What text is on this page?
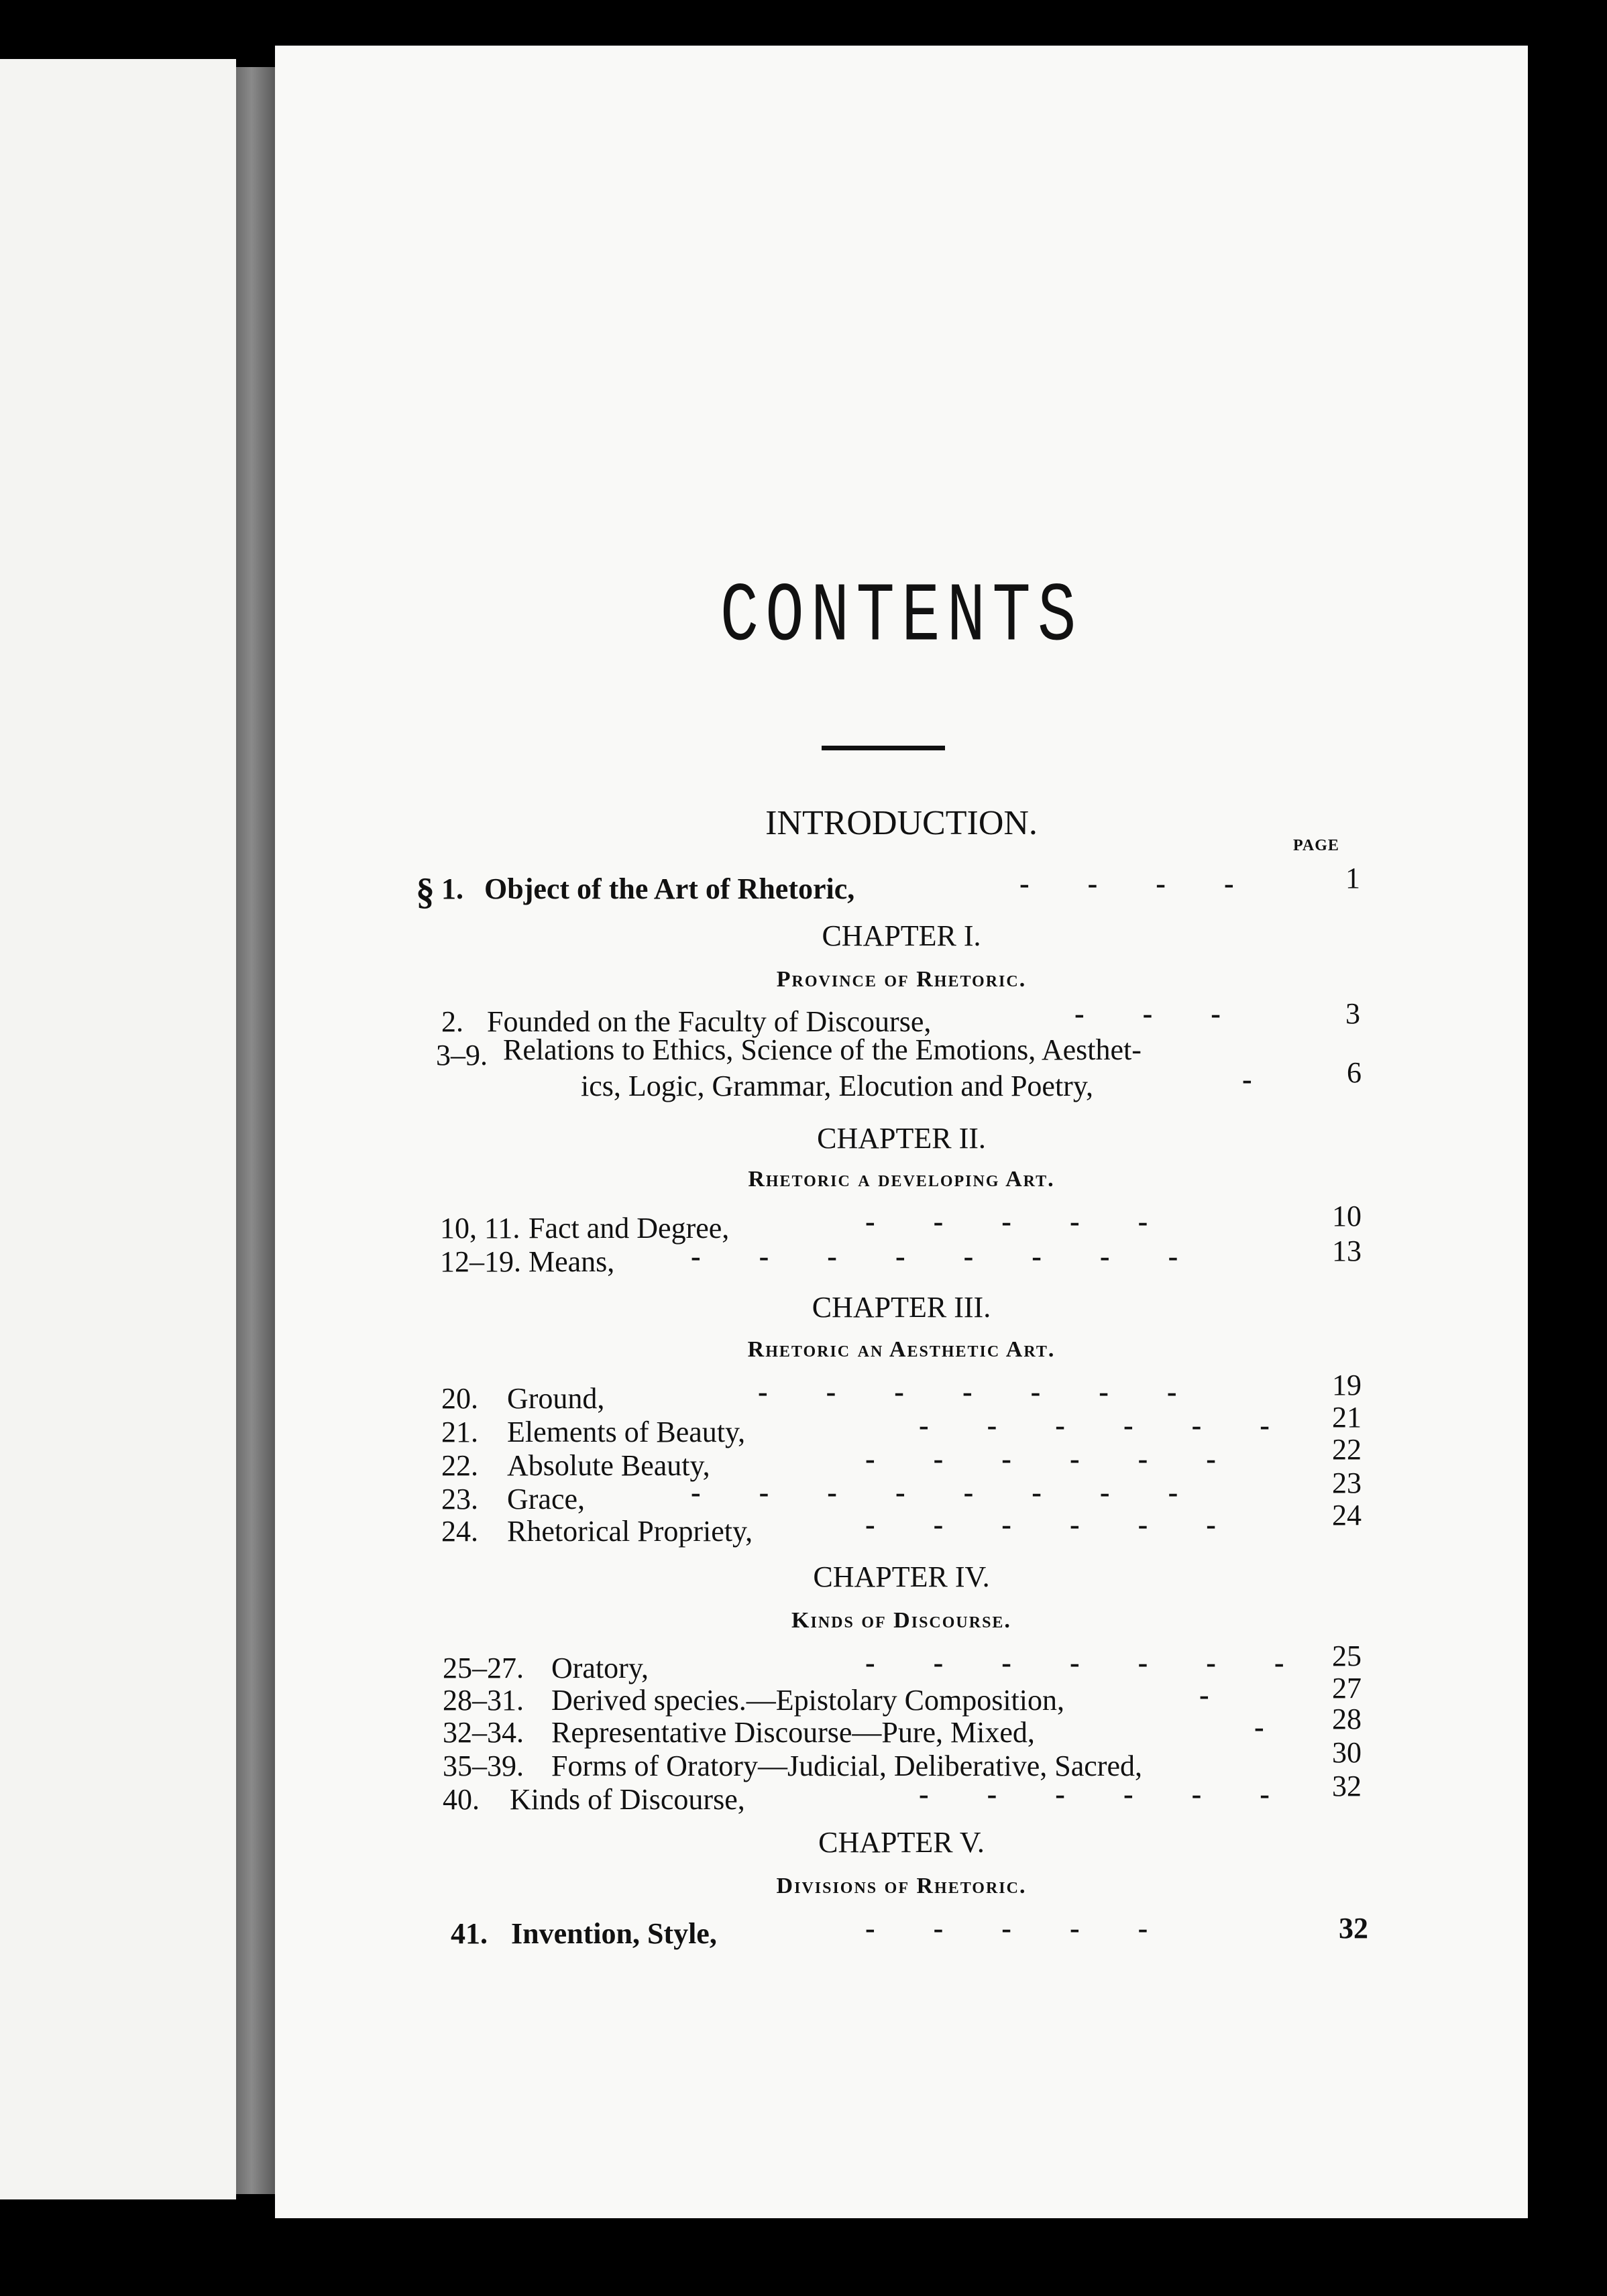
CONTENTS
INTRODUCTION.
PAGE
§ 1. Object of the Art of Rhetoric,	- - - -	1
CHAPTER I.
Province of Rhetoric.
2. Founded on the Faculty of Discourse,	- - -	3
3–9. Relations to Ethics, Science of the Emotions, Aesthet-
ics, Logic, Grammar, Elocution and Poetry,	-	6
CHAPTER II.
Rhetoric a developing Art.
10, 11. Fact and Degree,	- - - - -	10
12–19. Means,	- - - - - - - -	13
CHAPTER III.
Rhetoric an Aesthetic Art.
20. Ground,	- - - - - - -	19
21. Elements of Beauty,	- - - - - -	21
22. Absolute Beauty,	- - - - - -	22
23. Grace,	- - - - - - - -	23
24. Rhetorical Propriety,	- - - - - -	24
CHAPTER IV.
Kinds of Discourse.
25–27. Oratory,	- - - - - - - 25
28–31. Derived species.—Epistolary Composition,	-	27
32–34. Representative Discourse—Pure, Mixed,	-	28
35–39. Forms of Oratory—Judicial, Deliberative, Sacred,	30
40. Kinds of Discourse,	- - - - - -	32
CHAPTER V.
Divisions of Rhetoric.
41. Invention, Style,	- - - - -	32
